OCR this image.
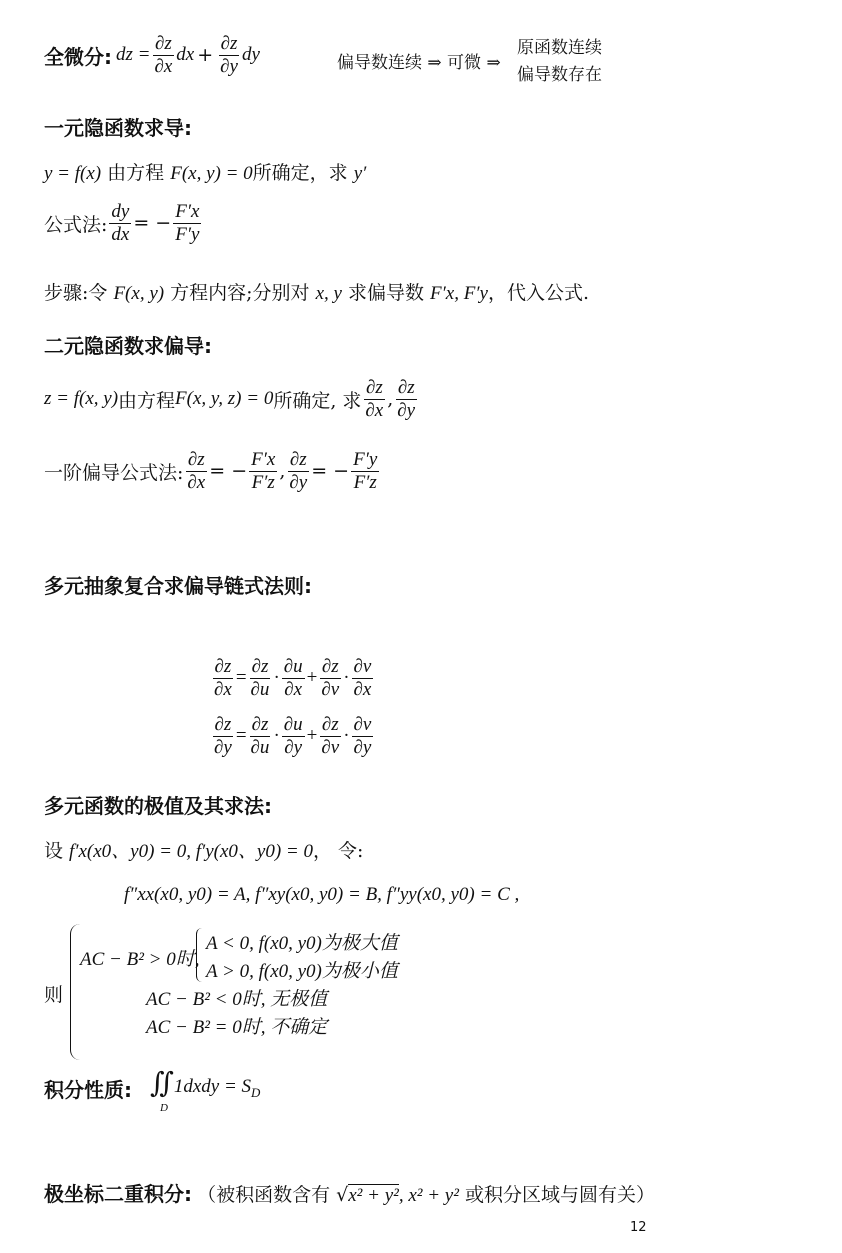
全微分: dz = $\frac{\partial z}{\partial x}$ dx + $\frac{\partial z}{\partial y}$ dy	偏导数连续 ⇒ 可微 ⇒
原函数连续
偏导数存在
一元隐函数求导:
y = f(x) 由方程 F(x, y) = 0所确定，求 y′
公式法: $\frac{dy}{dx}$ = − $\frac{F'x}{F'y}$
步骤:令 F(x, y) 方程内容;分别对 x, y 求偏导数 F′x, F′y，代入公式.
二元隐函数求偏导:
z = f(x, y) 由方程 F(x, y, z) = 0 所确定, 求 $\frac{\partial z}{\partial x}$ , $\frac{\partial z}{\partial y}$
一阶偏导公式法: $\frac{\partial z}{\partial x}$ = − $\frac{F'x}{F'z}$ , $\frac{\partial z}{\partial y}$ = − $\frac{F'y}{F'z}$
多元抽象复合求偏导链式法则:
$\frac{\partial z}{\partial x} = \frac{\partial z}{\partial u} \cdot \frac{\partial u}{\partial x} + \frac{\partial z}{\partial v} \cdot \frac{\partial v}{\partial x}$
$\frac{\partial z}{\partial y} = \frac{\partial z}{\partial u} \cdot \frac{\partial u}{\partial y} + \frac{\partial z}{\partial v} \cdot \frac{\partial v}{\partial y}$
多元函数的极值及其求法:
设 f′x(x0、y0) = 0, f′y(x0、y0) = 0， 令:
f″xx(x0, y0) = A, f″xy(x0, y0) = B, f″yy(x0, y0) = C ,
则
AC − B² > 0时,
A < 0, f(x0, y0)为极大值
A > 0, f(x0, y0)为极小值
AC − B² < 0时, 无极值
AC − B² = 0时, 不确定
积分性质: ∬1dxdy = $S_D$
D
极坐标二重积分: （被积函数含有 √x² + y², x² + y² 或积分区域与圆有关）
12
